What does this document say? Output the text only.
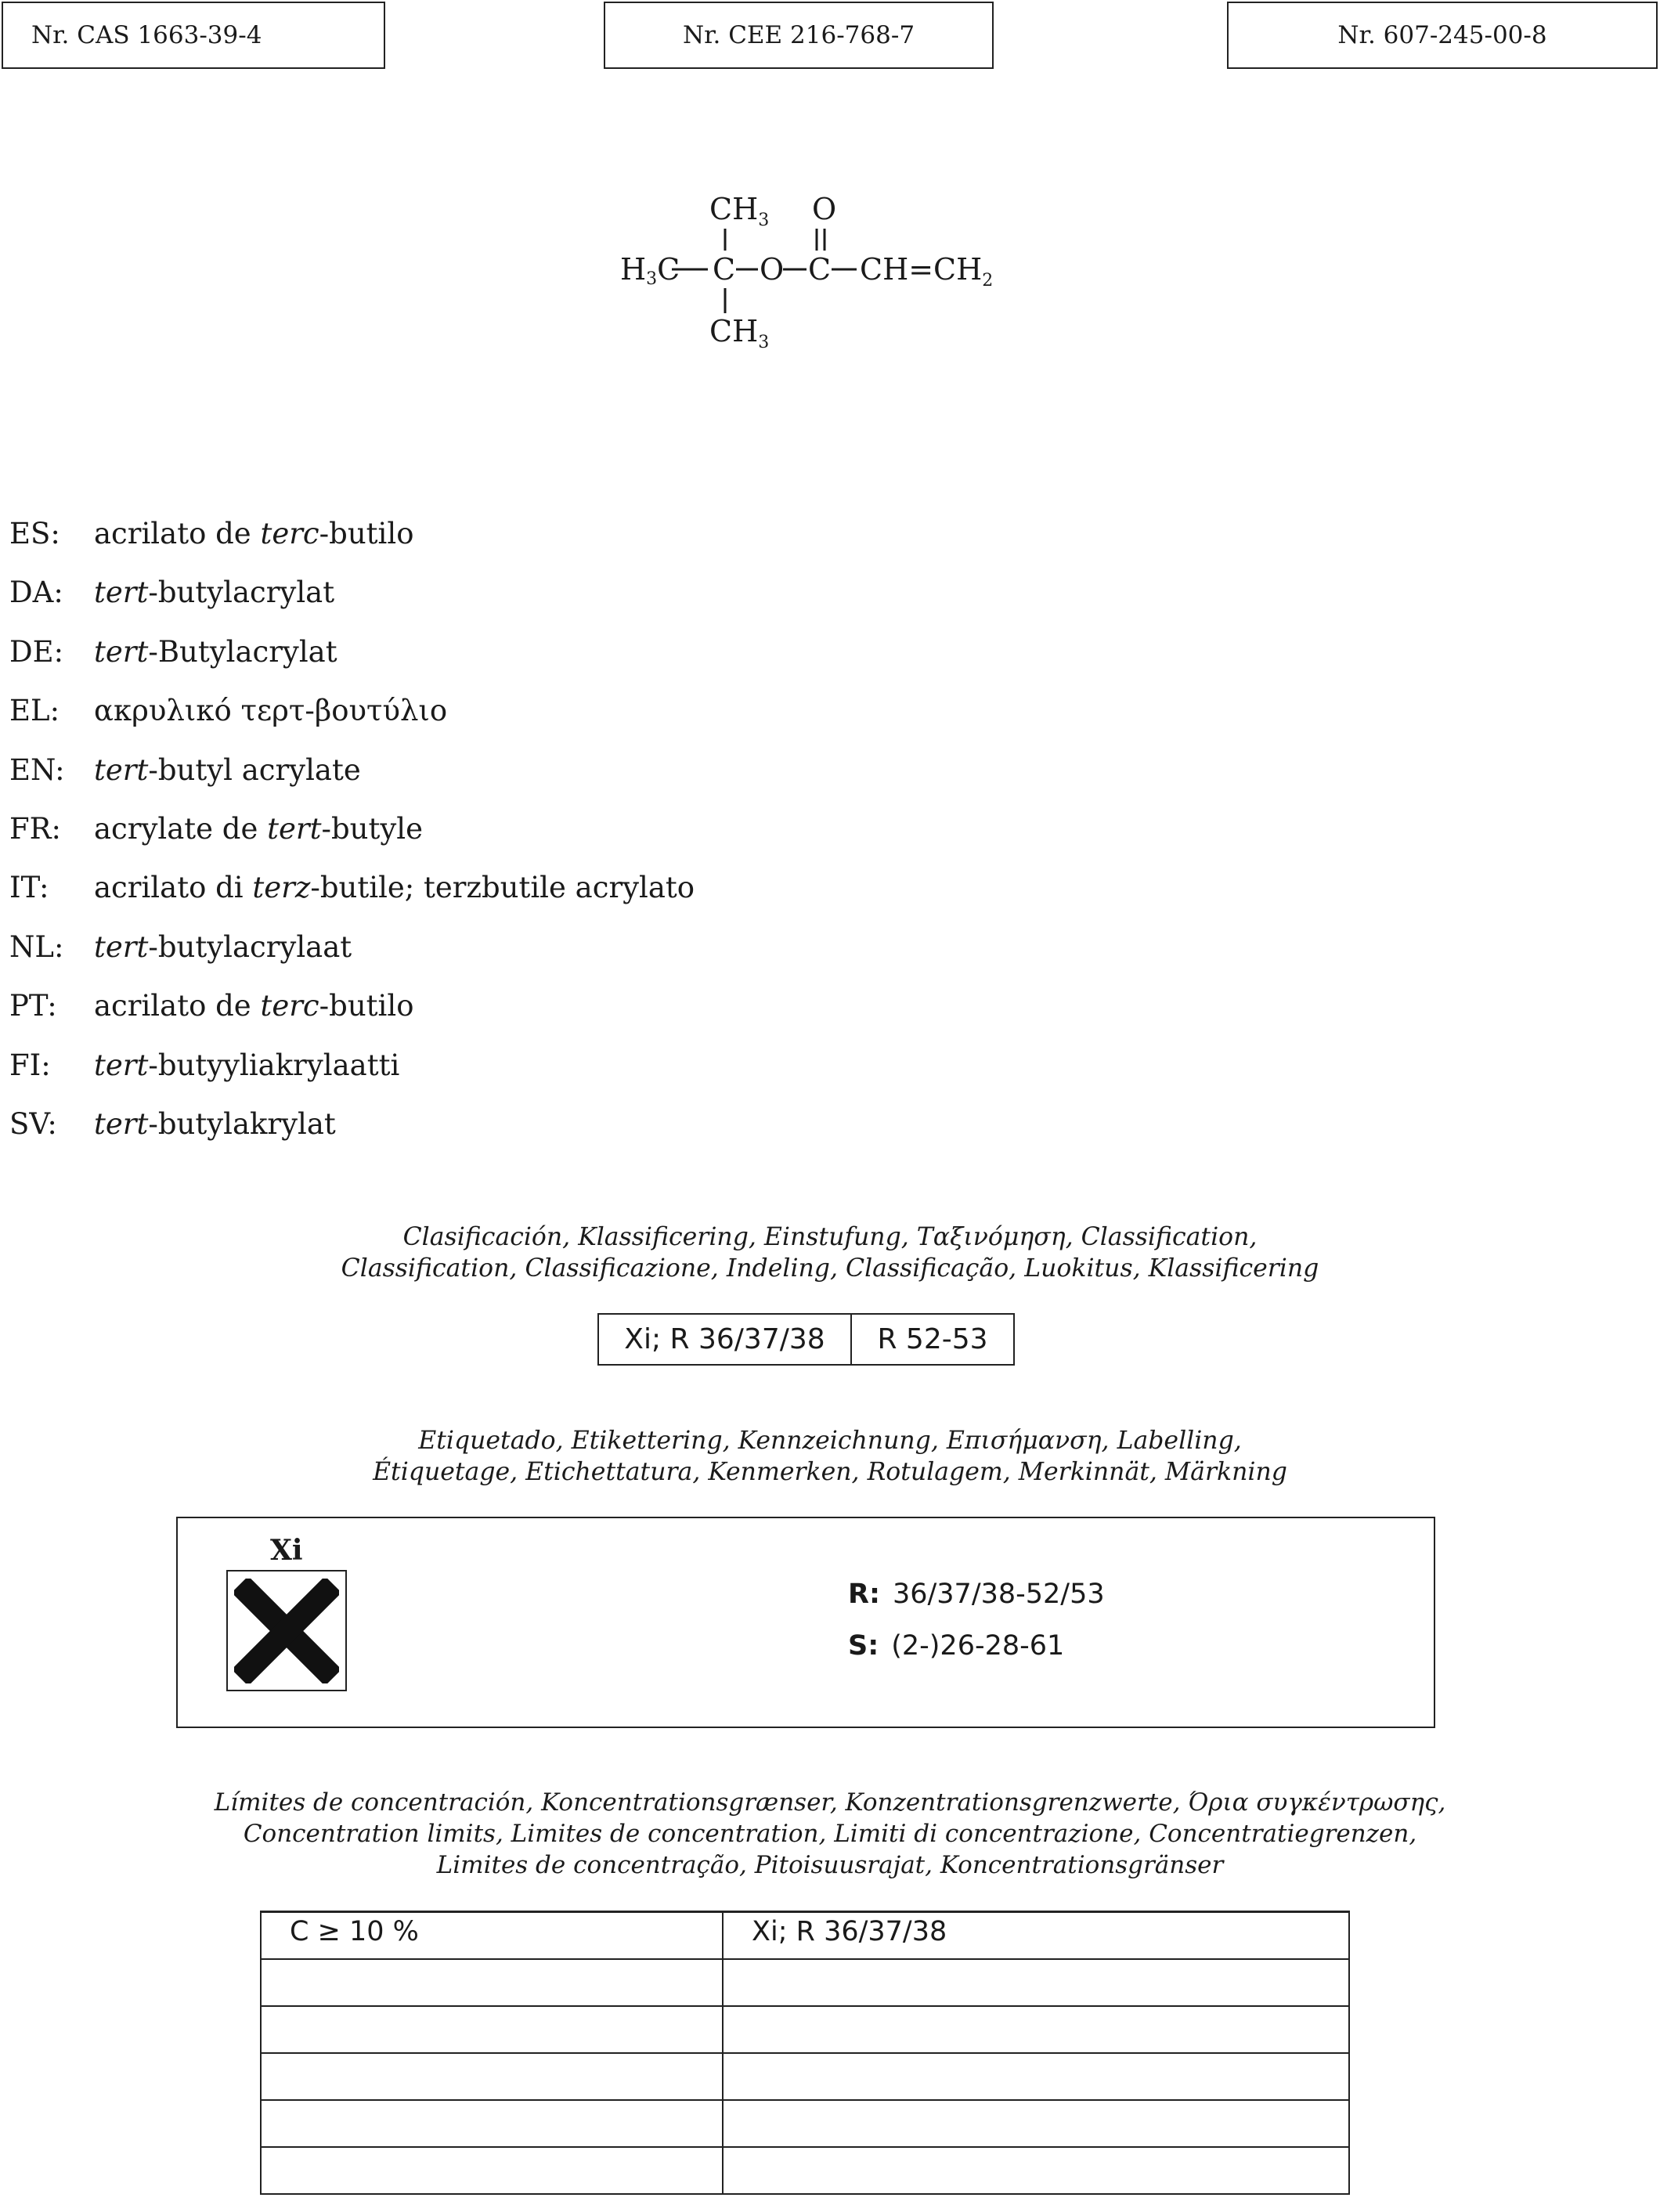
Nr. CAS 1663-39-4	Nr. CEE 216-768-7	Nr. 607-245-00-8
$CH_3$ O
H3C C O C $CH=CH_2$
$CH_3$
ES: acrilato de terc-butilo
DA: tert-butylacrylat
DE: tert-Butylacrylat
EL: ακρυλικό τερτ-βουτύλιο
EN: tert-butyl acrylate
FR: acrylate de tert-butyle
IT: acrilato di terz-butile; terzbutile acrylato
NL: tert-butylacrylaat
PT: acrilato de terc-butilo
FI: tert-butyyliakrylaatti
SV: tert-butylakrylat
Clasificación, Klassificering, Einstufung, Ταξινόμηση, Classification,
Classification, Classificazione, Indeling, Classificação, Luokitus, Klassificering
Xi; R 36/37/38	R 52-53
Etiquetado, Etikettering, Kennzeichnung, Επισήμανση, Labelling,
Étiquetage, Etichettatura, Kenmerken, Rotulagem, Merkinnät, Märkning
Xi
R: 36/37/38-52/53
S: (2-)26-28-61
Límites de concentración, Koncentrationsgrænser, Konzentrationsgrenzwerte, Όρια συγκέντρωσης,
Concentration limits, Limites de concentration, Limiti di concentrazione, Concentratiegrenzen,
Limites de concentração, Pitoisuusrajat, Koncentrationsgränser
C ≥ 10 %	Xi; R 36/37/38
